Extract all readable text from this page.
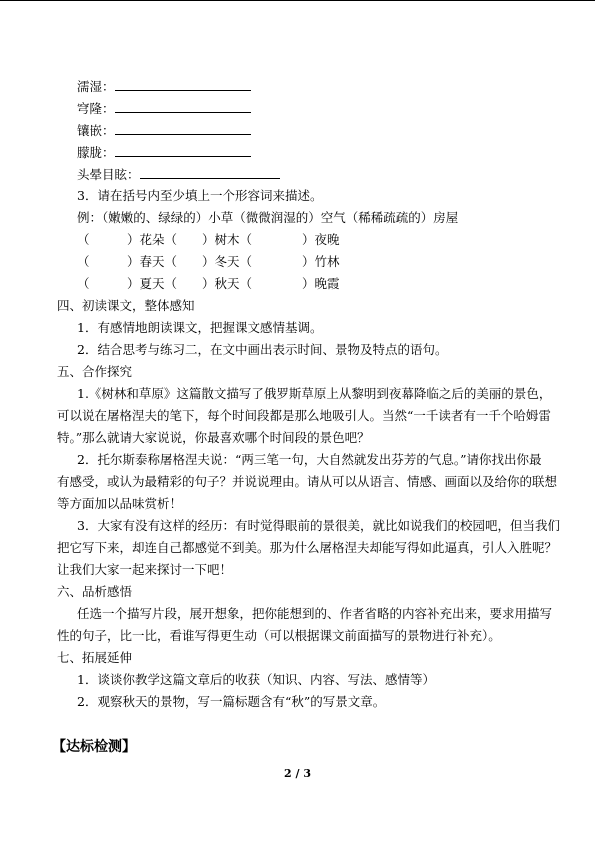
濡湿：
穹隆：
镶嵌：
朦胧：
头晕目眩：
3．请在括号内至少填上一个形容词来描述。
例：（嫩嫩的、绿绿的）小草（微微润湿的）空气（稀稀疏疏的）房屋
（　　　）花朵（　　）树木（　　　　）夜晚
（　　　）春天（　　）冬天（　　　　）竹林
（　　　）夏天（　　）秋天（　　　　）晚霞
四、初读课文，整体感知
1．有感情地朗读课文，把握课文感情基调。
2．结合思考与练习二，在文中画出表示时间、景物及特点的语句。
五、合作探究
1.《树林和草原》这篇散文描写了俄罗斯草原上从黎明到夜幕降临之后的美丽的景色，
可以说在屠格涅夫的笔下，每个时间段都是那么地吸引人。当然“一千读者有一千个哈姆雷
特。”那么就请大家说说，你最喜欢哪个时间段的景色吧？
2．托尔斯泰称屠格涅夫说：“两三笔一句，大自然就发出芬芳的气息。”请你找出你最
有感受，或认为最精彩的句子？并说说理由。请从可以从语言、情感、画面以及给你的联想
等方面加以品味赏析！
3．大家有没有这样的经历：有时觉得眼前的景很美，就比如说我们的校园吧，但当我们
把它写下来，却连自己都感觉不到美。那为什么屠格涅夫却能写得如此逼真，引人入胜呢？
让我们大家一起来探讨一下吧！
六、品析感悟
任选一个描写片段，展开想象，把你能想到的、作者省略的内容补充出来，要求用描写
性的句子，比一比，看谁写得更生动（可以根据课文前面描写的景物进行补充）。
七、拓展延伸
1．谈谈你教学这篇文章后的收获（知识、内容、写法、感情等）
2．观察秋天的景物，写一篇标题含有“秋”的写景文章。
【达标检测】
2 / 3
